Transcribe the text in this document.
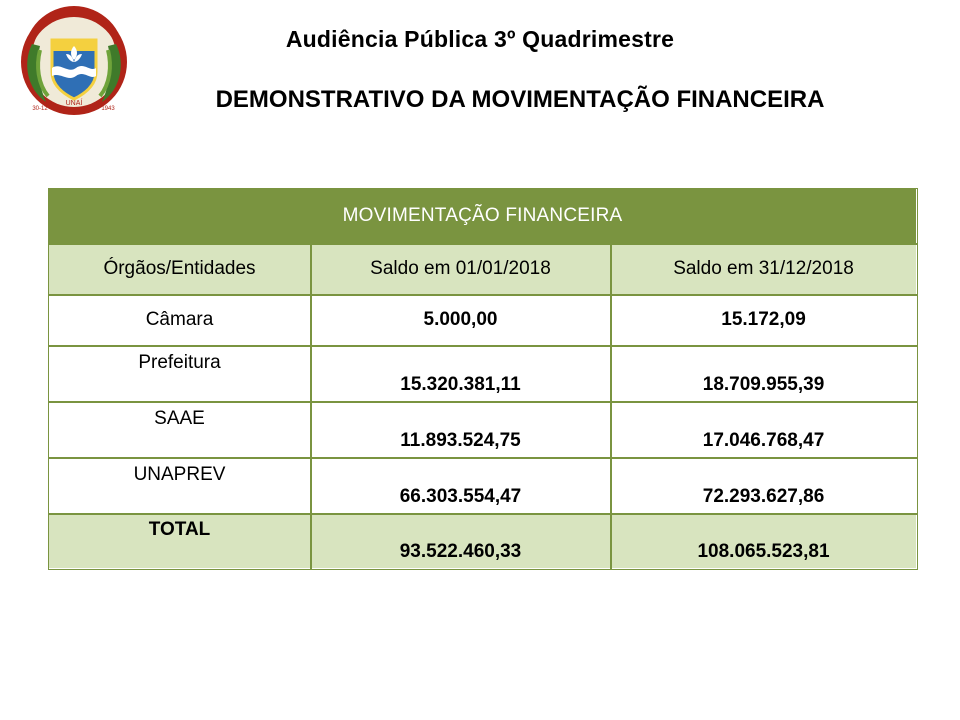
★★★★★★
UNAÍ
30-12	1943
Audiência Pública 3º Quadrimestre
DEMONSTRATIVO DA MOVIMENTAÇÃO FINANCEIRA
MOVIMENTAÇÃO FINANCEIRA		
Órgãos/Entidades	Saldo em 01/01/2018	Saldo em 31/12/2018
Câmara	5.000,00	15.172,09
Prefeitura	15.320.381,11	18.709.955,39
SAAE	11.893.524,75	17.046.768,47
UNAPREV	66.303.554,47	72.293.627,86
TOTAL	93.522.460,33	108.065.523,81
